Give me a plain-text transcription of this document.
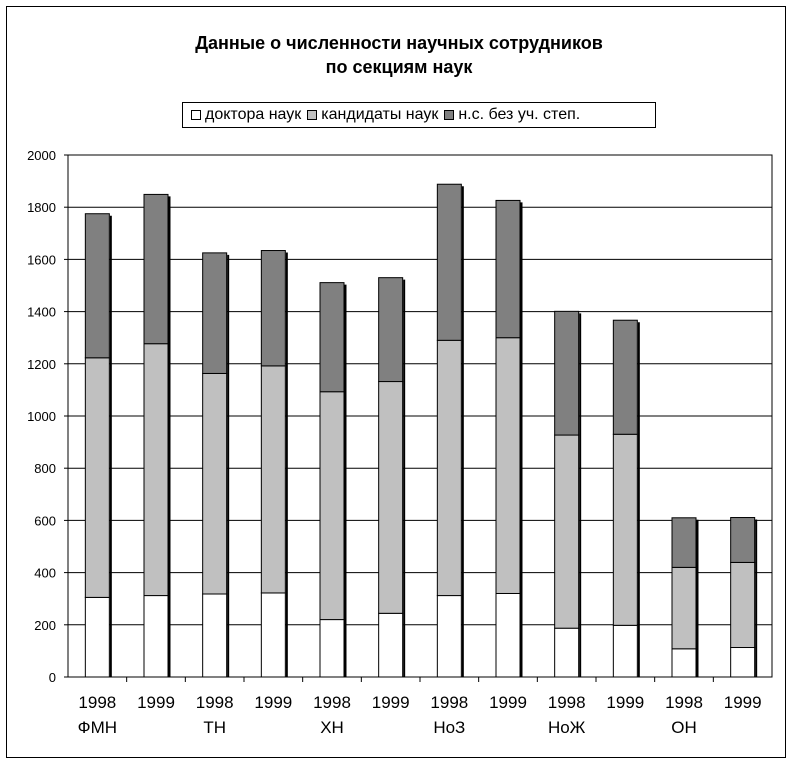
Данные о численности научных сотрудников
по секциям наук
доктора наук кандидаты наук н.с. без уч. степ.
0
200
400
600
800
1000
1200
1400
1600
1800
2000
1998 1999 1998 1999 1998 1999 1998 1999 1998 1999 1998 1999
ФМН	ТН	ХН	НоЗ	НоЖ	ОН
